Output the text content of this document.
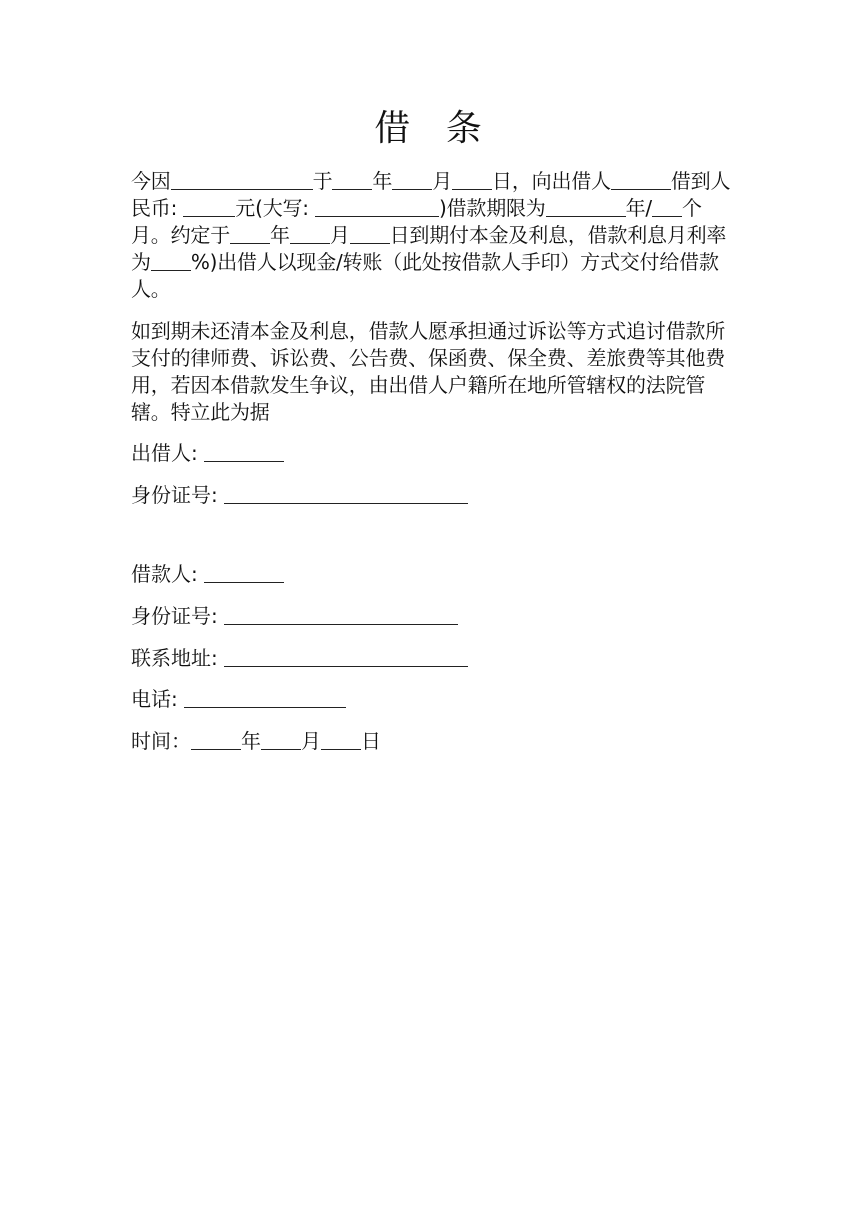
借 条
今因	于 年 月 日，向出借人	借到人民币:	元(大写:	)借款期限为	年/ 个月。约定于 年 月 日到期付本金及利息，借款利息月利率为 %)出借人以现金/转账（此处按借款人手印）方式交付给借款人。
如到期未还清本金及利息，借款人愿承担通过诉讼等方式追讨借款所支付的律师费、诉讼费、公告费、保函费、保全费、差旅费等其他费用，若因本借款发生争议，由出借人户籍所在地所管辖权的法院管辖。特立此为据
出借人:
身份证号:
借款人:
身份证号:
联系地址:
电话:
时间：	年 月 日
